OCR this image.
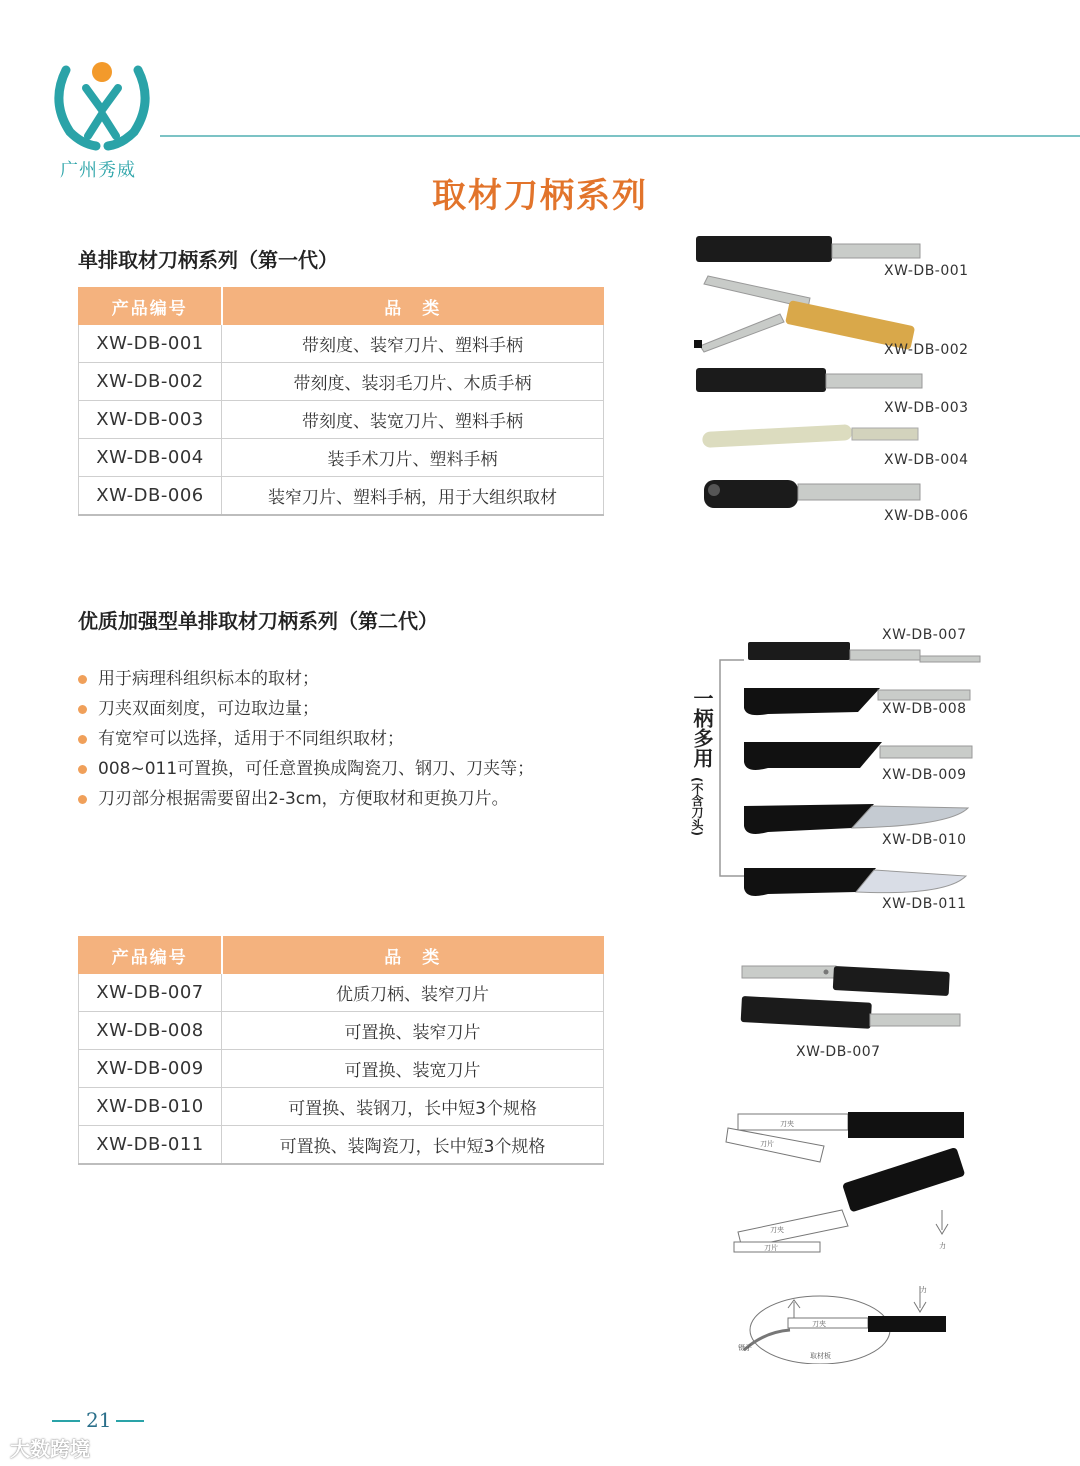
广州秀威
取材刀柄系列
单排取材刀柄系列（第一代）
产品编号	品　类
XW-DB-001	带刻度、装窄刀片、塑料手柄
XW-DB-002	带刻度、装羽毛刀片、木质手柄
XW-DB-003	带刻度、装宽刀片、塑料手柄
XW-DB-004	装手术刀片、塑料手柄
XW-DB-006	装窄刀片、塑料手柄，用于大组织取材
XW-DB-001
XW-DB-002
XW-DB-003
XW-DB-004
XW-DB-006
优质加强型单排取材刀柄系列（第二代）
用于病理科组织标本的取材；
刀夹双面刻度，可边取边量；
有宽窄可以选择，适用于不同组织取材；
008~011可置换，可任意置换成陶瓷刀、钢刀、刀夹等；
刀刃部分根据需要留出2-3cm，方便取材和更换刀片。
一柄多用
(不含刀头)
XW-DB-007
XW-DB-008
XW-DB-009
XW-DB-010
XW-DB-011
产品编号	品　类
XW-DB-007	优质刀柄、装窄刀片
XW-DB-008	可置换、装窄刀片
XW-DB-009	可置换、装宽刀片
XW-DB-010	可置换、装钢刀，长中短3个规格
XW-DB-011	可置换、装陶瓷刀，长中短3个规格
XW-DB-007
刀夹
刀片
刀夹
刀片	力
刀夹
力
镊子
取材板
21
大数跨境
